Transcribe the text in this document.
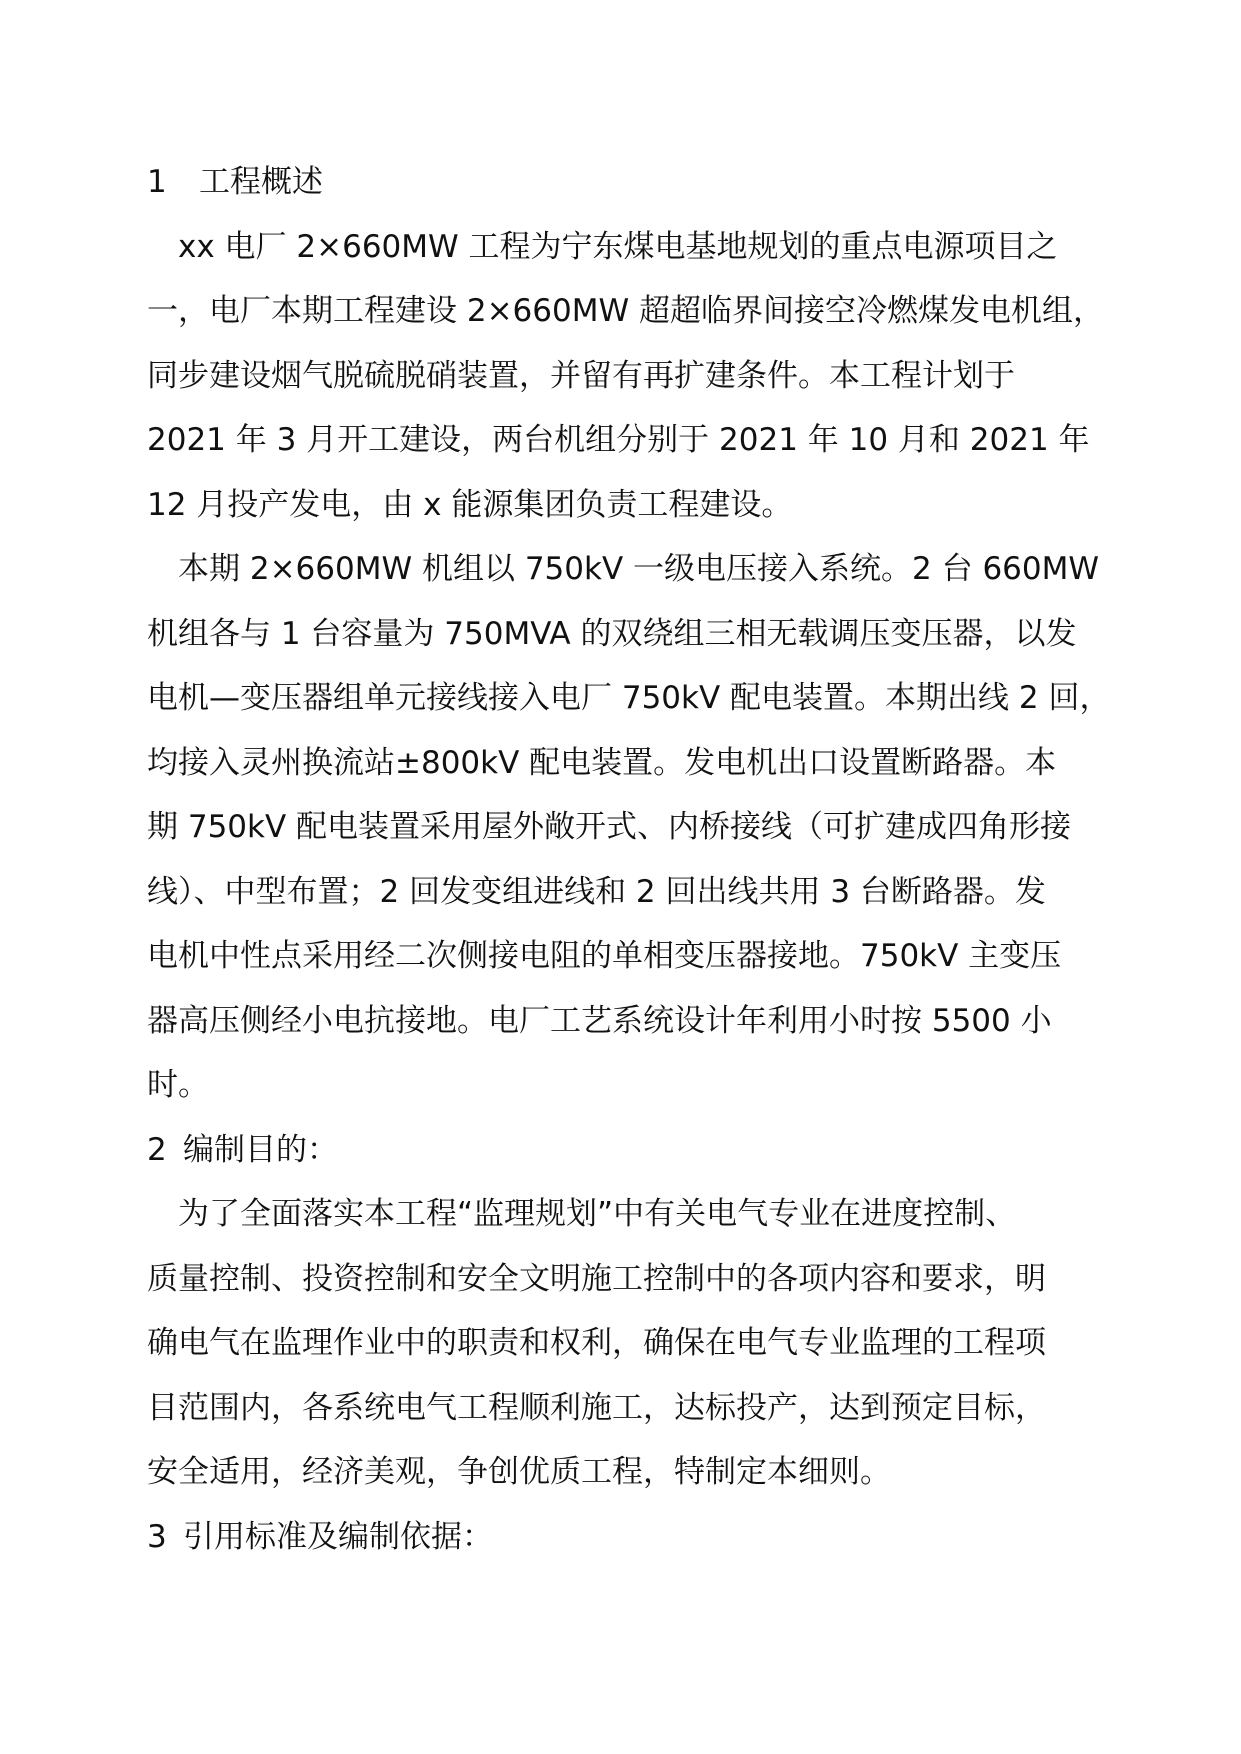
1	工程概述
xx 电厂 2×660MW 工程为宁东煤电基地规划的重点电源项目之
一，电厂本期工程建设 2×660MW 超超临界间接空冷燃煤发电机组，
同步建设烟气脱硫脱硝装置，并留有再扩建条件。本工程计划于
2021 年 3 月开工建设，两台机组分别于 2021 年 10 月和 2021 年
12 月投产发电，由 x 能源集团负责工程建设。
本期 2×660MW 机组以 750kV 一级电压接入系统。2 台 660MW
机组各与 1 台容量为 750MVA 的双绕组三相无载调压变压器，以发
电机—变压器组单元接线接入电厂 750kV 配电装置。本期出线 2 回，
均接入灵州换流站±800kV 配电装置。发电机出口设置断路器。本
期 750kV 配电装置采用屋外敞开式、内桥接线（可扩建成四角形接
线）、中型布置；2 回发变组进线和 2 回出线共用 3 台断路器。发
电机中性点采用经二次侧接电阻的单相变压器接地。750kV 主变压
器高压侧经小电抗接地。电厂工艺系统设计年利用小时按 5500 小
时。
2 编制目的：
为了全面落实本工程“监理规划”中有关电气专业在进度控制、
质量控制、投资控制和安全文明施工控制中的各项内容和要求，明
确电气在监理作业中的职责和权利，确保在电气专业监理的工程项
目范围内，各系统电气工程顺利施工，达标投产，达到预定目标，
安全适用，经济美观，争创优质工程，特制定本细则。
3 引用标准及编制依据：
